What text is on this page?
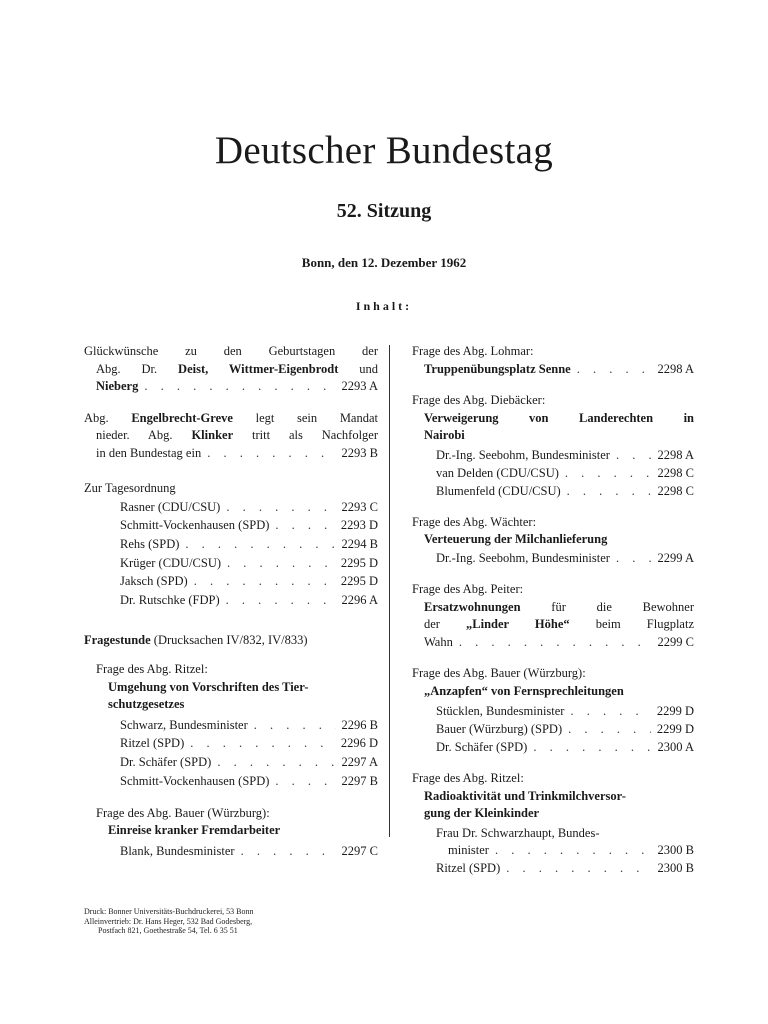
Deutscher Bundestag
52. Sitzung
Bonn, den 12. Dezember 1962
Inhalt:
Glückwünsche zu den Geburtstagen der
Abg. Dr. Deist, Wittmer-Eigenbrodt und
Nieberg . . .	2293 A
Abg. Engelbrecht-Greve legt sein Mandat
nieder. Abg. Klinker tritt als Nachfolger
in den Bundestag ein . . .	2293 B
Zur Tagesordnung
Rasner (CDU/CSU) . . .	2293 C
Schmitt-Vockenhausen (SPD) . . .	2293 D
Rehs (SPD) . . .	2294 B
Krüger (CDU/CSU) . . .	2295 D
Jaksch (SPD) . . .	2295 D
Dr. Rutschke (FDP) . . .	2296 A
Fragestunde (Drucksachen IV/832, IV/833)
Frage des Abg. Ritzel:
Umgehung von Vorschriften des Tier-
schutzgesetzes
Schwarz, Bundesminister . . .	2296 B
Ritzel (SPD) . . .	2296 D
Dr. Schäfer (SPD) . . .	2297 A
Schmitt-Vockenhausen (SPD) . . .	2297 B
Frage des Abg. Bauer (Würzburg):
Einreise kranker Fremdarbeiter
Blank, Bundesminister . . .	2297 C
Frage des Abg. Lohmar:
Truppenübungsplatz Senne . . .	2298 A
Frage des Abg. Diebäcker:
Verweigerung von Landerechten in
Nairobi
Dr.-Ing. Seebohm, Bundesminister . . .	2298 A
van Delden (CDU/CSU) . . .	2298 C
Blumenfeld (CDU/CSU) . . .	2298 C
Frage des Abg. Wächter:
Verteuerung der Milchanlieferung
Dr.-Ing. Seebohm, Bundesminister . . .	2299 A
Frage des Abg. Peiter:
Ersatzwohnungen für die Bewohner
der „Linder Höhe“ beim Flugplatz
Wahn . . .	2299 C
Frage des Abg. Bauer (Würzburg):
„Anzapfen“ von Fernsprechleitungen
Stücklen, Bundesminister . . .	2299 D
Bauer (Würzburg) (SPD) . . .	2299 D
Dr. Schäfer (SPD) . . .	2300 A
Frage des Abg. Ritzel:
Radioaktivität und Trinkmilchversor-
gung der Kleinkinder
Frau Dr. Schwarzhaupt, Bundes-
minister . . .	2300 B
Ritzel (SPD) . . .	2300 B
Druck: Bonner Universitäts-Buchdruckerei, 53 Bonn
Alleinvertrieb: Dr. Hans Heger, 532 Bad Godesberg,
Postfach 821, Goethestraße 54, Tel. 6 35 51
